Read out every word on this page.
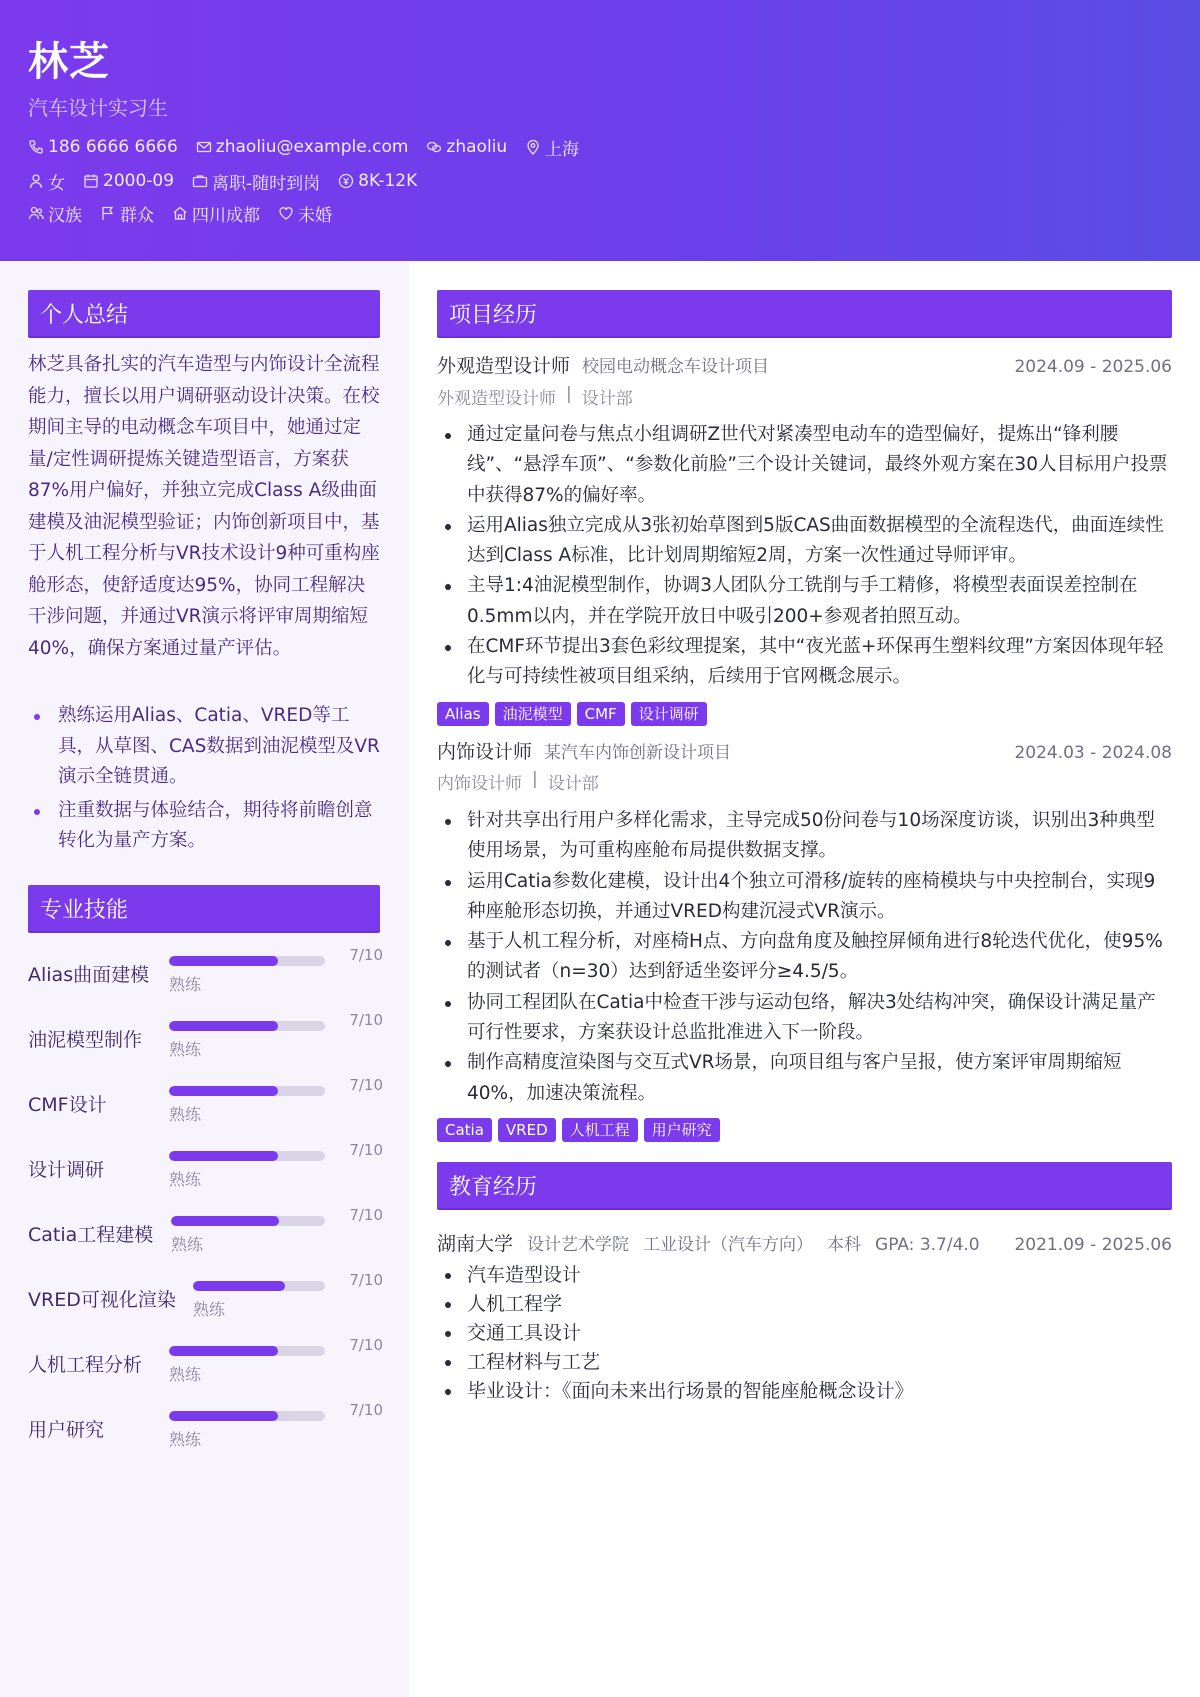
林芝
汽车设计实习生
186 6666 6666 zhaoliu@example.com zhaoliu 上海
女 2000-09 离职-随时到岗 8K-12K
汉族 群众 四川成都 未婚
个人总结
林芝具备扎实的汽车造型与内饰设计全流程能力，擅长以用户调研驱动设计决策。在校期间主导的电动概念车项目中，她通过定量/定性调研提炼关键造型语言，方案获87%用户偏好，并独立完成Class A级曲面建模及油泥模型验证；内饰创新项目中，基于人机工程分析与VR技术设计9种可重构座舱形态，使舒适度达95%，协同工程解决干涉问题，并通过VR演示将评审周期缩短40%，确保方案通过量产评估。
熟练运用Alias、Catia、VRED等工具，从草图、CAS数据到油泥模型及VR演示全链贯通。
注重数据与体验结合，期待将前瞻创意转化为量产方案。
专业技能
Alias曲面建模
7/10
熟练
油泥模型制作
7/10
熟练
CMF设计
7/10
熟练
设计调研
7/10
熟练
Catia工程建模
7/10
熟练
VRED可视化渲染
7/10
熟练
人机工程分析
7/10
熟练
用户研究
7/10
熟练
项目经历
外观造型设计师 校园电动概念车设计项目	2024.09 - 2025.06
外观造型设计师 | 设计部
通过定量问卷与焦点小组调研Z世代对紧凑型电动车的造型偏好，提炼出“锋利腰线”、“悬浮车顶”、“参数化前脸”三个设计关键词，最终外观方案在30人目标用户投票中获得87%的偏好率。
运用Alias独立完成从3张初始草图到5版CAS曲面数据模型的全流程迭代，曲面连续性达到Class A标准，比计划周期缩短2周，方案一次性通过导师评审。
主导1:4油泥模型制作，协调3人团队分工铣削与手工精修，将模型表面误差控制在0.5mm以内，并在学院开放日中吸引200+参观者拍照互动。
在CMF环节提出3套色彩纹理提案，其中“夜光蓝+环保再生塑料纹理”方案因体现年轻化与可持续性被项目组采纳，后续用于官网概念展示。
Alias	油泥模型	CMF	设计调研
内饰设计师 某汽车内饰创新设计项目	2024.03 - 2024.08
内饰设计师 | 设计部
针对共享出行用户多样化需求，主导完成50份问卷与10场深度访谈，识别出3种典型使用场景，为可重构座舱布局提供数据支撑。
运用Catia参数化建模，设计出4个独立可滑移/旋转的座椅模块与中央控制台，实现9种座舱形态切换，并通过VRED构建沉浸式VR演示。
基于人机工程分析，对座椅H点、方向盘角度及触控屏倾角进行8轮迭代优化，使95%的测试者（n=30）达到舒适坐姿评分≥4.5/5。
协同工程团队在Catia中检查干涉与运动包络，解决3处结构冲突，确保设计满足量产可行性要求，方案获设计总监批准进入下一阶段。
制作高精度渲染图与交互式VR场景，向项目组与客户呈报，使方案评审周期缩短40%，加速决策流程。
Catia	VRED	人机工程	用户研究
教育经历
湖南大学 设计艺术学院 工业设计（汽车方向） 本科 GPA: 3.7/4.0 2021.09 - 2025.06
汽车造型设计
人机工程学
交通工具设计
工程材料与工艺
毕业设计：《面向未来出行场景的智能座舱概念设计》
